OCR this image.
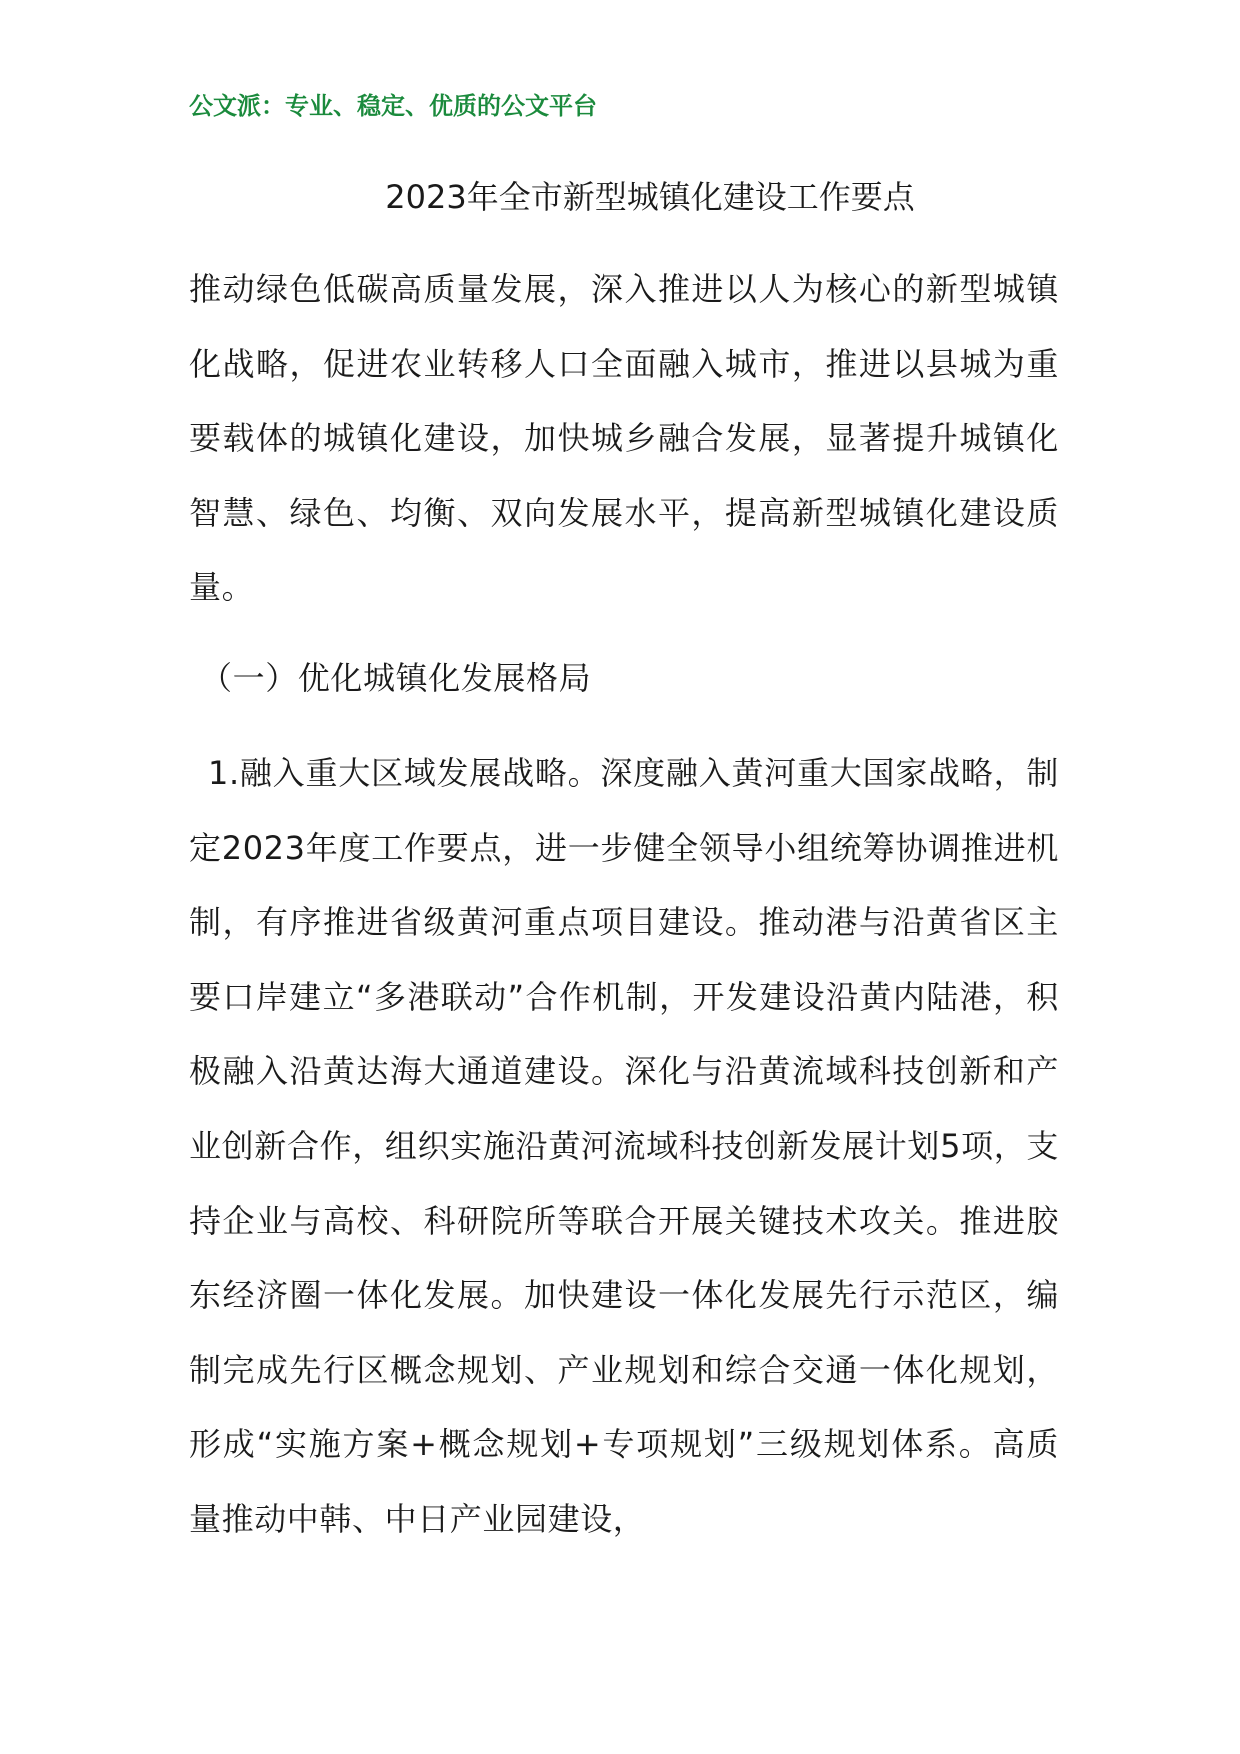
公文派：专业、稳定、优质的公文平台
2023年全市新型城镇化建设工作要点
推动绿色低碳高质量发展，深入推进以人为核心的新型城镇化战略，促进农业转移人口全面融入城市，推进以县城为重要载体的城镇化建设，加快城乡融合发展，显著提升城镇化智慧、绿色、均衡、双向发展水平，提高新型城镇化建设质量。
（一）优化城镇化发展格局
1.融入重大区域发展战略。深度融入黄河重大国家战略，制定2023年度工作要点，进一步健全领导小组统筹协调推进机制，有序推进省级黄河重点项目建设。推动港与沿黄省区主要口岸建立“多港联动”合作机制，开发建设沿黄内陆港，积极融入沿黄达海大通道建设。深化与沿黄流域科技创新和产业创新合作，组织实施沿黄河流域科技创新发展计划5项，支持企业与高校、科研院所等联合开展关键技术攻关。推进胶东经济圈一体化发展。加快建设一体化发展先行示范区，编制完成先行区概念规划、产业规划和综合交通一体化规划，形成“实施方案+概念规划+专项规划”三级规划体系。高质量推动中韩、中日产业园建设，
